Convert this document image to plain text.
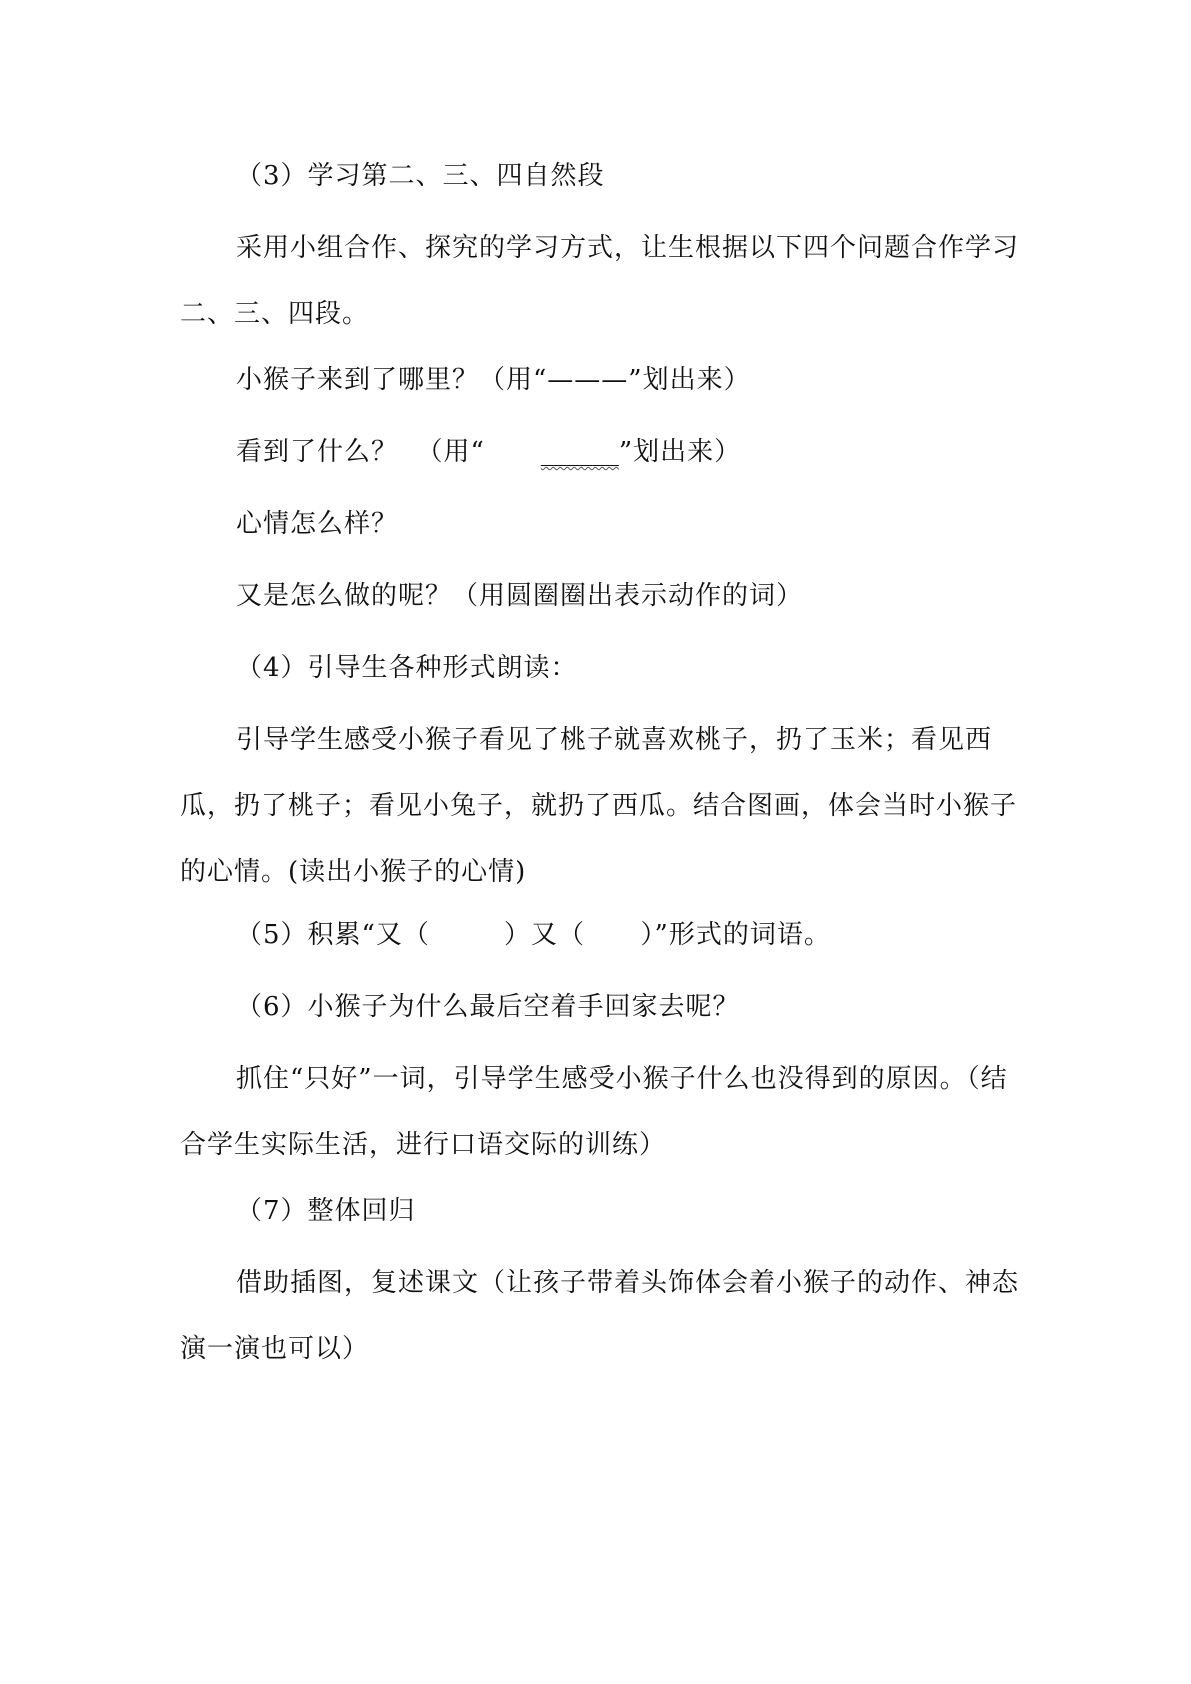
（3）学习第二、三、四自然段
采用小组合作、探究的学习方式，让生根据以下四个问题合作学习二、三、四段。
小猴子来到了哪里？（用“———”划出来）
看到了什么？  （用“ ______”划出来）
心情怎么样？
又是怎么做的呢？（用圆圈圈出表示动作的词）
（4）引导生各种形式朗读：
引导学生感受小猴子看见了桃子就喜欢桃子，扔了玉米；看见西瓜，扔了桃子；看见小兔子，就扔了西瓜。结合图画，体会当时小猴子的心情。(读出小猴子的心情)
（5）积累“又（        ）又（      ）”形式的词语。
（6）小猴子为什么最后空着手回家去呢？
抓住“只好”一词，引导学生感受小猴子什么也没得到的原因。（结合学生实际生活，进行口语交际的训练）
（7）整体回归
借助插图，复述课文（让孩子带着头饰体会着小猴子的动作、神态演一演也可以）
